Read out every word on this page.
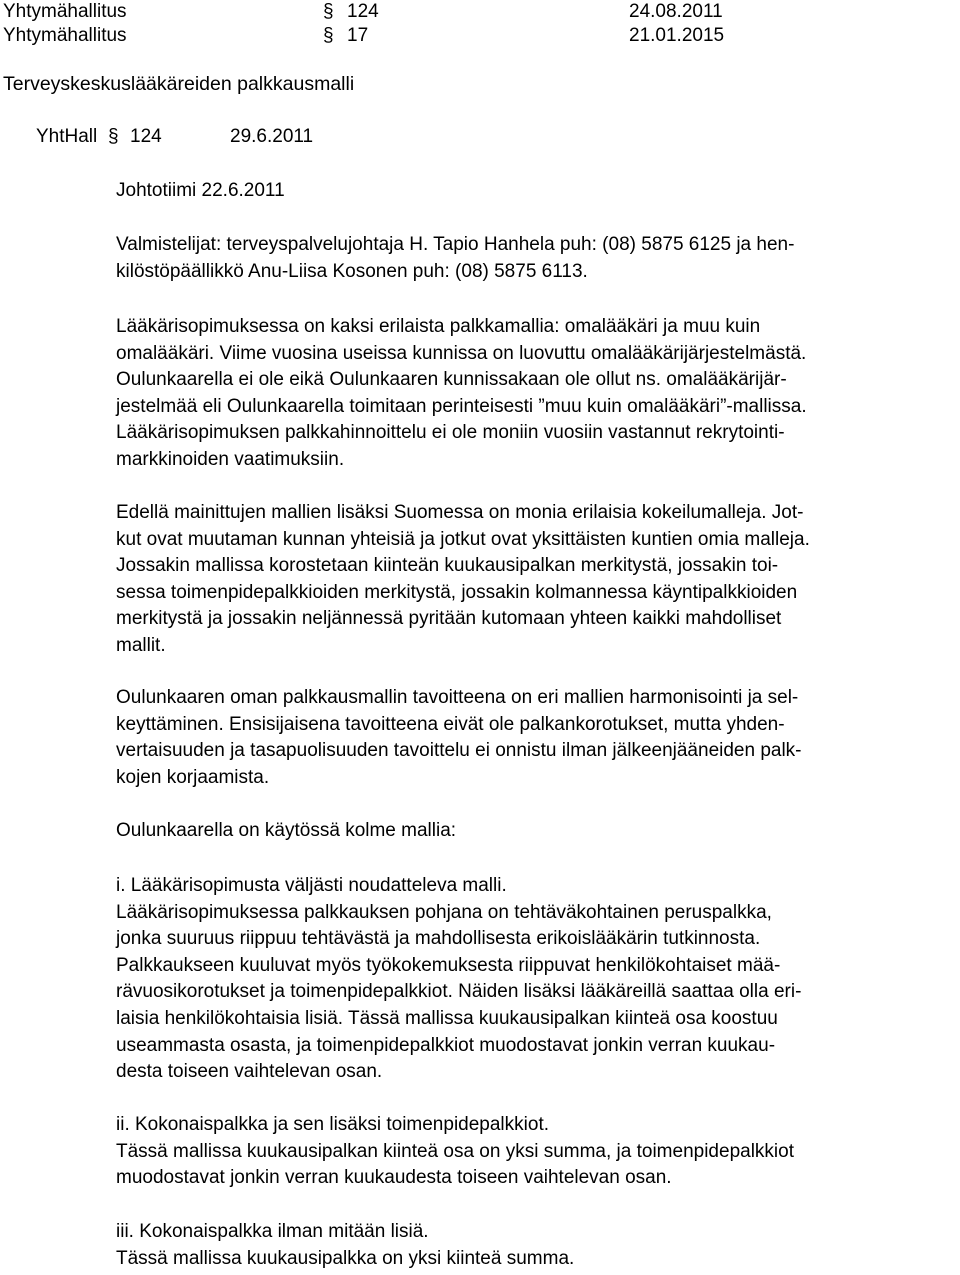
Yhtymähallitus	§ 124	24.08.2011
Yhtymähallitus	§ 17	21.01.2015
Terveyskeskuslääkäreiden palkkausmalli
YhtHall § 124	29.6.2011
Johtotiimi 22.6.2011
Valmistelijat: terveyspalvelujohtaja H. Tapio Hanhela puh: (08) 5875 6125 ja hen-
kilöstöpäällikkö Anu-Liisa Kosonen puh: (08) 5875 6113.
Lääkärisopimuksessa on kaksi erilaista palkkamallia: omalääkäri ja muu kuin
omalääkäri. Viime vuosina useissa kunnissa on luovuttu omalääkärijärjestelmästä.
Oulunkaarella ei ole eikä Oulunkaaren kunnissakaan ole ollut ns. omalääkärijär-
jestelmää eli Oulunkaarella toimitaan perinteisesti ”muu kuin omalääkäri”-mallissa.
Lääkärisopimuksen palkkahinnoittelu ei ole moniin vuosiin vastannut rekrytointi-
markkinoiden vaatimuksiin.
Edellä mainittujen mallien lisäksi Suomessa on monia erilaisia kokeilumalleja. Jot-
kut ovat muutaman kunnan yhteisiä ja jotkut ovat yksittäisten kuntien omia malleja.
Jossakin mallissa korostetaan kiinteän kuukausipalkan merkitystä, jossakin toi-
sessa toimenpidepalkkioiden merkitystä, jossakin kolmannessa käyntipalkkioiden
merkitystä ja jossakin neljännessä pyritään kutomaan yhteen kaikki mahdolliset
mallit.
Oulunkaaren oman palkkausmallin tavoitteena on eri mallien harmonisointi ja sel-
keyttäminen. Ensisijaisena tavoitteena eivät ole palkankorotukset, mutta yhden-
vertaisuuden ja tasapuolisuuden tavoittelu ei onnistu ilman jälkeenjääneiden palk-
kojen korjaamista.
Oulunkaarella on käytössä kolme mallia:
i. Lääkärisopimusta väljästi noudatteleva malli.
Lääkärisopimuksessa palkkauksen pohjana on tehtäväkohtainen peruspalkka,
jonka suuruus riippuu tehtävästä ja mahdollisesta erikoislääkärin tutkinnosta.
Palkkaukseen kuuluvat myös työkokemuksesta riippuvat henkilökohtaiset mää-
rävuosikorotukset ja toimenpidepalkkiot. Näiden lisäksi lääkäreillä saattaa olla eri-
laisia henkilökohtaisia lisiä. Tässä mallissa kuukausipalkan kiinteä osa koostuu
useammasta osasta, ja toimenpidepalkkiot muodostavat jonkin verran kuukau-
desta toiseen vaihtelevan osan.
ii. Kokonaispalkka ja sen lisäksi toimenpidepalkkiot.
Tässä mallissa kuukausipalkan kiinteä osa on yksi summa, ja toimenpidepalkkiot
muodostavat jonkin verran kuukaudesta toiseen vaihtelevan osan.
iii. Kokonaispalkka ilman mitään lisiä.
Tässä mallissa kuukausipalkka on yksi kiinteä summa.
